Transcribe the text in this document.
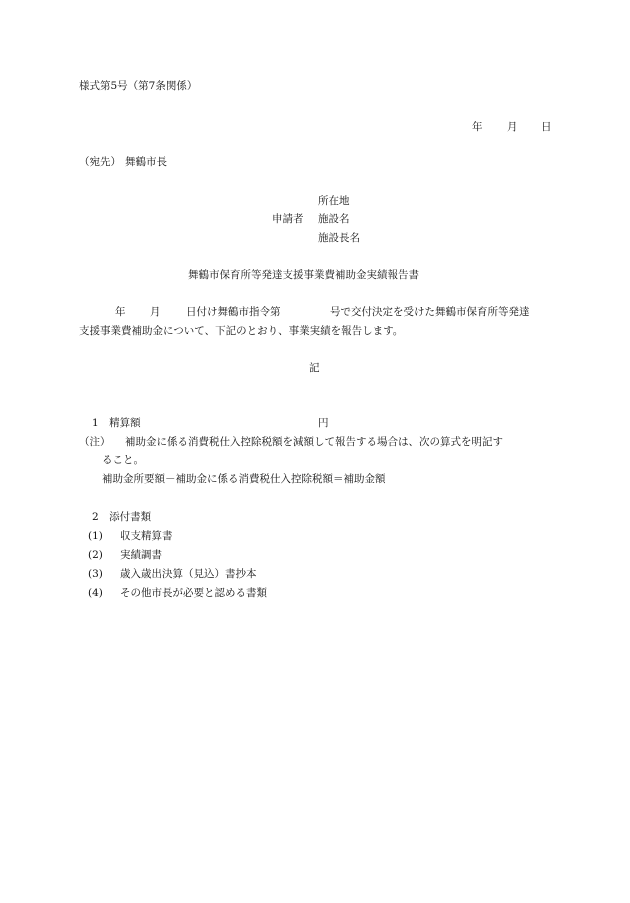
様式第5号（第7条関係）
年 月 日
（宛先） 舞鶴市長
所在地
申請者 施設名
施設長名
舞鶴市保育所等発達支援事業費補助金実績報告書
年 月 日付け舞鶴市指令第	号で交付決定を受けた舞鶴市保育所等発達
支援事業費補助金について、下記のとおり、事業実績を報告します。
記
1　精算額	円
（注） 補助金に係る消費税仕入控除税額を減額して報告する場合は、次の算式を明記す
ること。
補助金所要額－補助金に係る消費税仕入控除税額＝補助金額
2　添付書類
(1) 収支精算書
(2) 実績調書
(3) 歳入歳出決算（見込）書抄本
(4) その他市長が必要と認める書類
